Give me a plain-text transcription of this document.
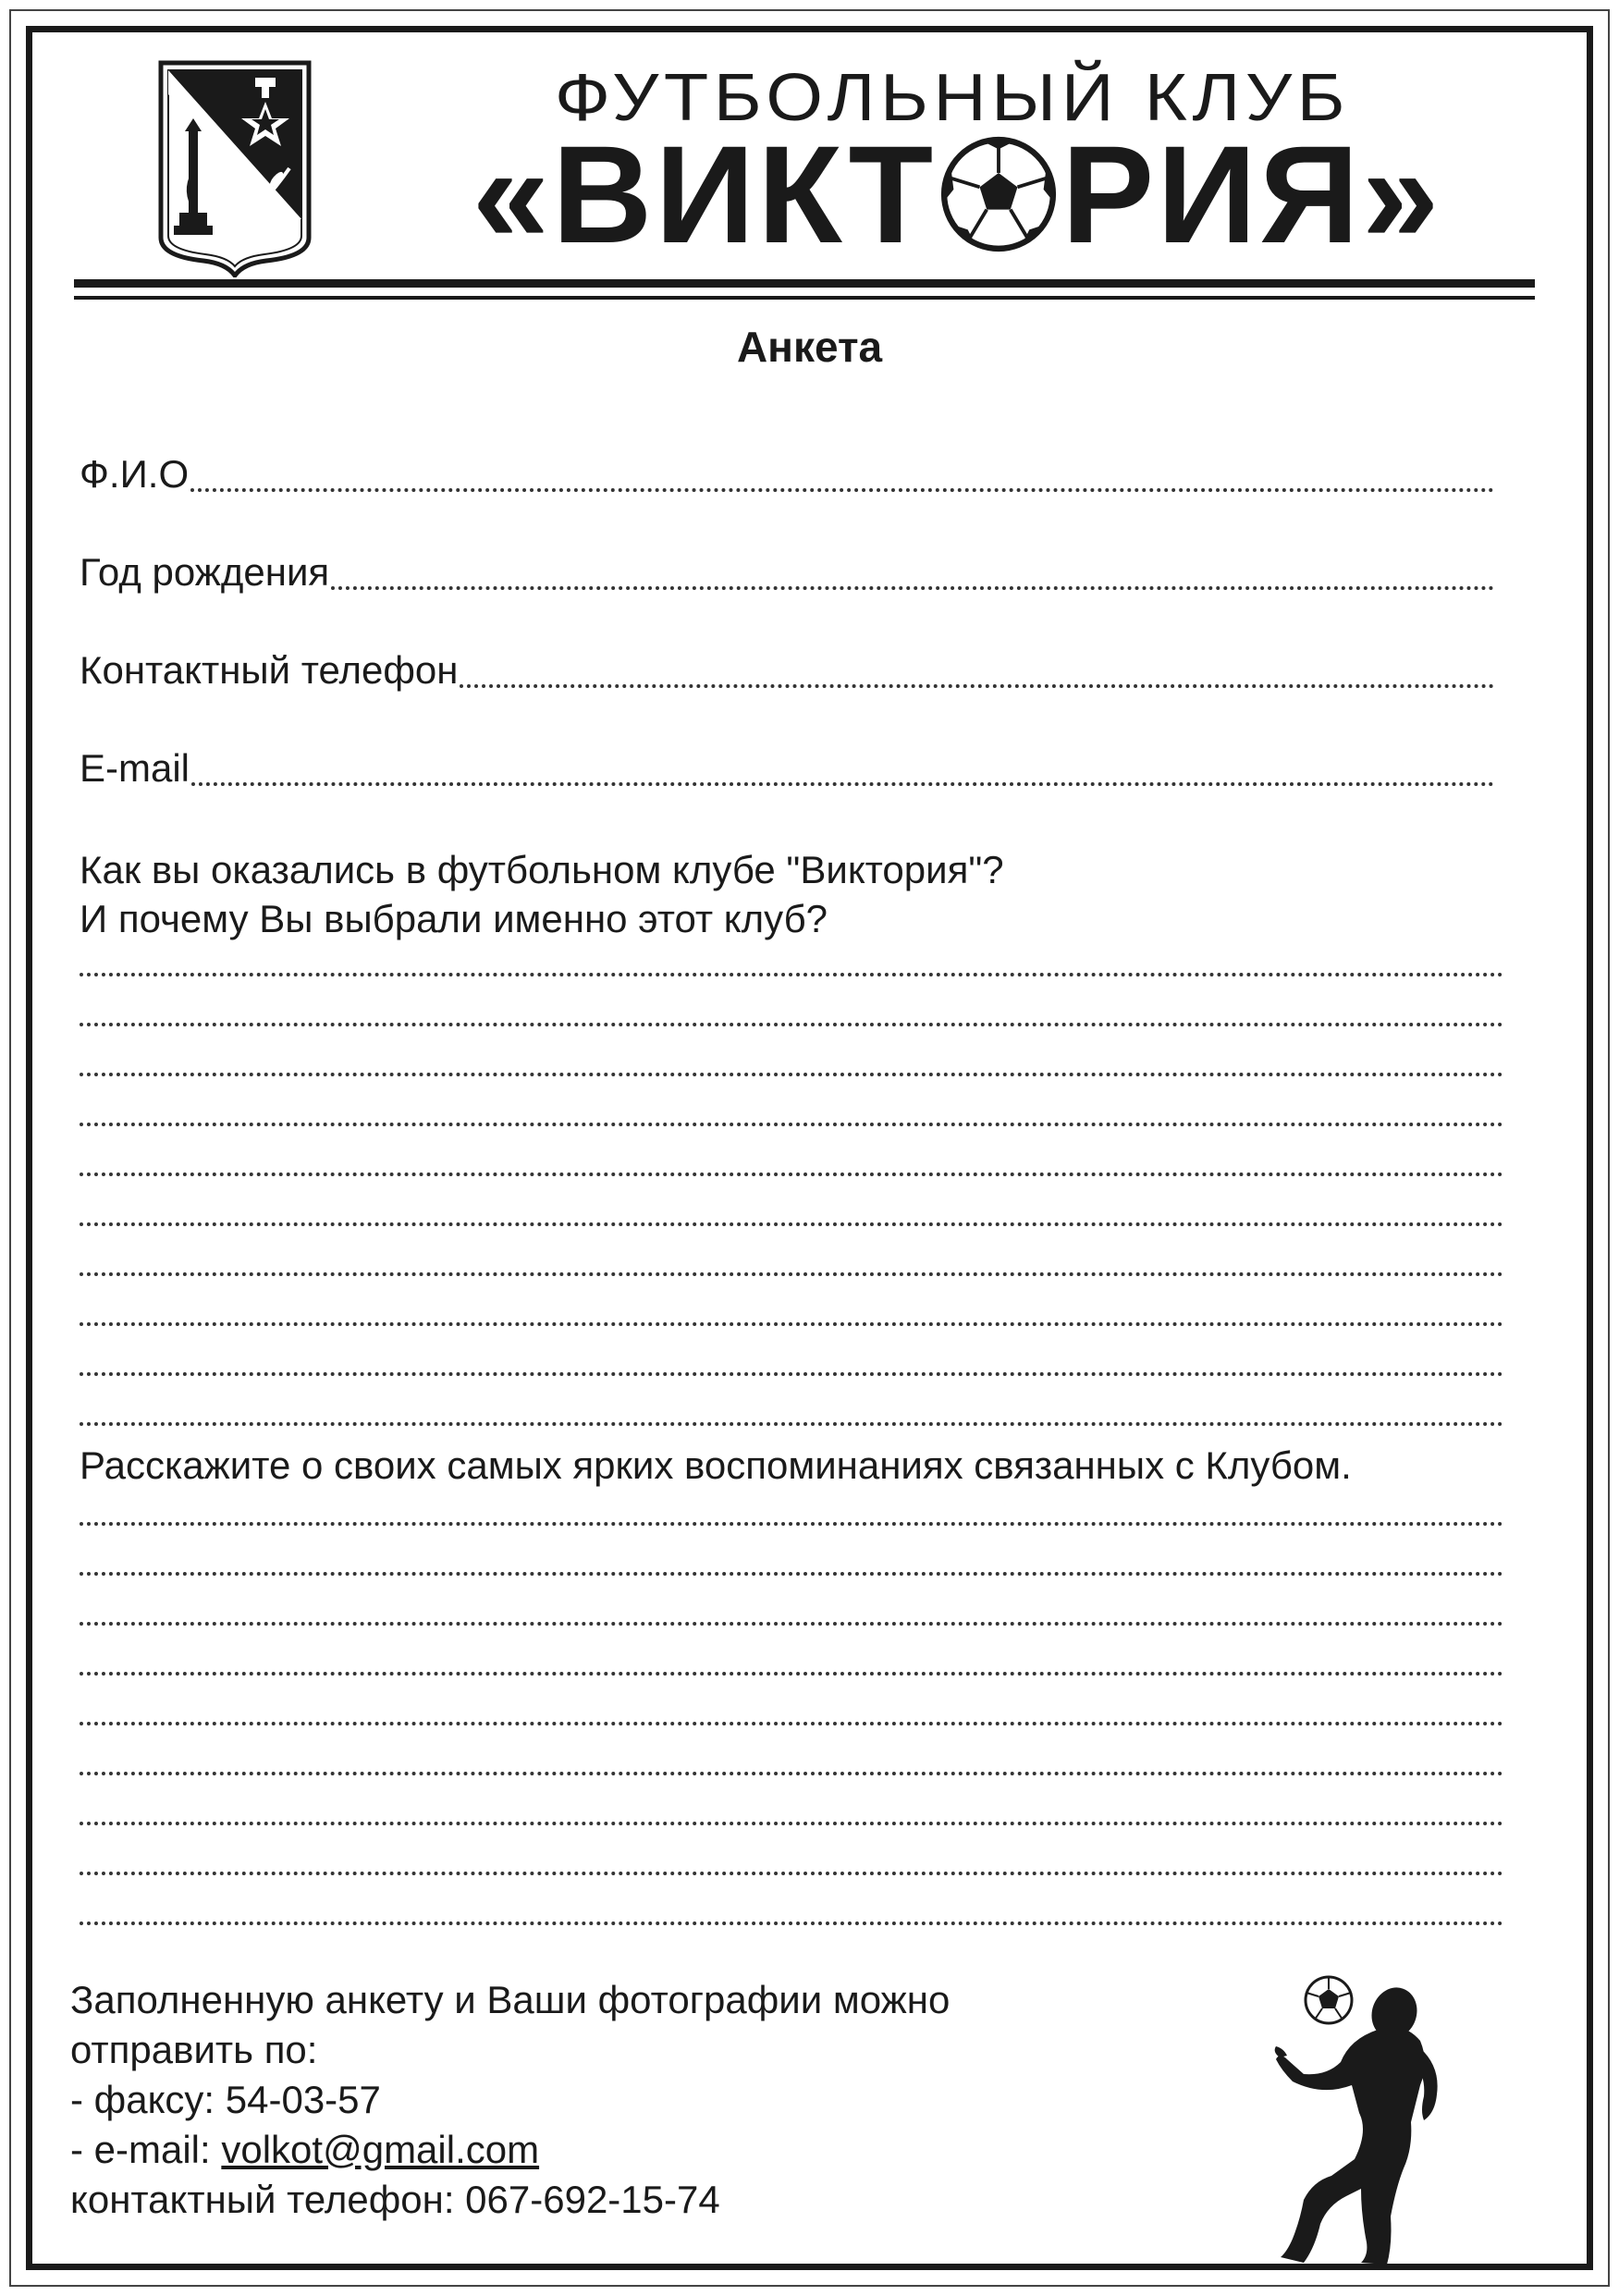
ФУТБОЛЬНЫЙ КЛУБ
« ВИКТ РИЯ »
Анкета
Ф.И.О
Год рождения
Контактный телефон
E-mail
Как вы оказались в футбольном клубе "Виктория"?
И почему Вы выбрали именно этот клуб?
Расскажите о своих самых ярких воспоминаниях связанных с Клубом.
Заполненную анкету и Ваши фотографии можно
отправить по:
- факсу: 54-03-57
- e-mail: volkot@gmail.com
контактный телефон: 067-692-15-74
